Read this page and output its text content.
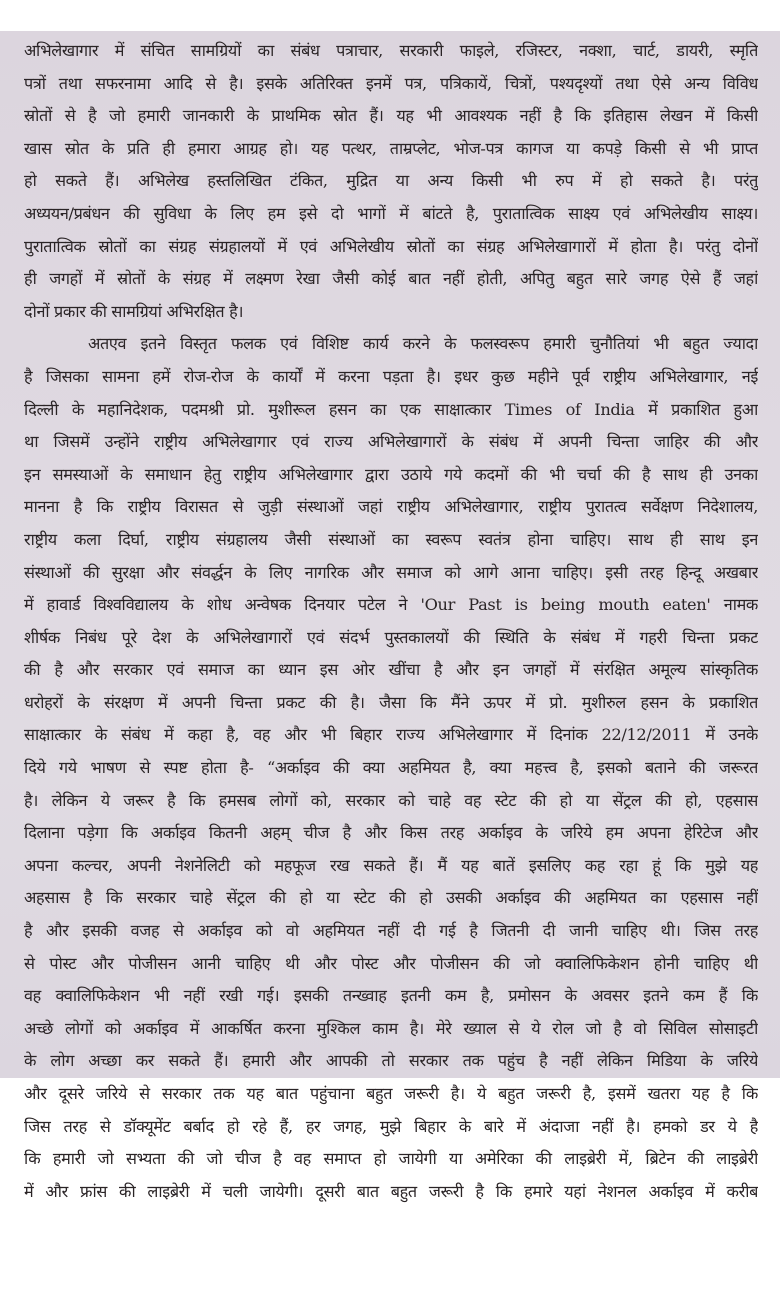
अभिलेखागार में संचित सामग्रियों का संबंध पत्राचार, सरकारी फाइले, रजिस्टर, नक्शा, चार्ट, डायरी, स्मृति
पत्रों तथा सफरनामा आदि से है। इसके अतिरिक्त इनमें पत्र, पत्रिकायें, चित्रों, पश्यदृश्यों तथा ऐसे अन्य विविध
स्रोतों से है जो हमारी जानकारी के प्राथमिक स्रोत हैं। यह भी आवश्यक नहीं है कि इतिहास लेखन में किसी
खास स्रोत के प्रति ही हमारा आग्रह हो। यह पत्थर, ताम्रप्लेट, भोज-पत्र कागज या कपड़े किसी से भी प्राप्त
हो सकते हैं। अभिलेख हस्तलिखित टंकित, मुद्रित या अन्य किसी भी रुप में हो सकते है। परंतु
अध्ययन/प्रबंधन की सुविधा के लिए हम इसे दो भागों में बांटते है, पुरातात्विक साक्ष्य एवं अभिलेखीय साक्ष्य।
पुरातात्विक स्रोतों का संग्रह संग्रहालयों में एवं अभिलेखीय स्रोतों का संग्रह अभिलेखागारों में होता है। परंतु दोनों
ही जगहों में स्रोतों के संग्रह में लक्ष्मण रेखा जैसी कोई बात नहीं होती, अपितु बहुत सारे जगह ऐसे हैं जहां
दोनों प्रकार की सामग्रियां अभिरक्षित है।
अतएव इतने विस्तृत फलक एवं विशिष्ट कार्य करने के फलस्वरूप हमारी चुनौतियां भी बहुत ज्यादा
है जिसका सामना हमें रोज-रोज के कार्यों में करना पड़ता है। इधर कुछ महीने पूर्व राष्ट्रीय अभिलेखागार, नई
दिल्ली के महानिदेशक, पदमश्री प्रो. मुशीरूल हसन का एक साक्षात्कार Times of India में प्रकाशित हुआ
था जिसमें उन्होंने राष्ट्रीय अभिलेखागार एवं राज्य अभिलेखागारों के संबंध में अपनी चिन्ता जाहिर की और
इन समस्याओं के समाधान हेतु राष्ट्रीय अभिलेखागार द्वारा उठाये गये कदमों की भी चर्चा की है साथ ही उनका
मानना है कि राष्ट्रीय विरासत से जुड़ी संस्थाओं जहां राष्ट्रीय अभिलेखागार, राष्ट्रीय पुरातत्व सर्वेक्षण निदेशालय,
राष्ट्रीय कला दिर्घा, राष्ट्रीय संग्रहालय जैसी संस्थाओं का स्वरूप स्वतंत्र होना चाहिए। साथ ही साथ इन
संस्थाओं की सुरक्षा और संवर्द्धन के लिए नागरिक और समाज को आगे आना चाहिए। इसी तरह हिन्दू अखबार
में हावार्ड विश्वविद्यालय के शोध अन्वेषक दिनयार पटेल ने 'Our Past is being mouth eaten' नामक
शीर्षक निबंध पूरे देश के अभिलेखागारों एवं संदर्भ पुस्तकालयों की स्थिति के संबंध में गहरी चिन्ता प्रकट
की है और सरकार एवं समाज का ध्यान इस ओर खींचा है और इन जगहों में संरक्षित अमूल्य सांस्कृतिक
धरोहरों के संरक्षण में अपनी चिन्ता प्रकट की है। जैसा कि मैंने ऊपर में प्रो. मुशीरुल हसन के प्रकाशित
साक्षात्कार के संबंध में कहा है, वह और भी बिहार राज्य अभिलेखागार में दिनांक 22/12/2011 में उनके
दिये गये भाषण से स्पष्ट होता है- “अर्काइव की क्या अहमियत है, क्या महत्त्व है, इसको बताने की जरूरत
है। लेकिन ये जरूर है कि हमसब लोगों को, सरकार को चाहे वह स्टेट की हो या सेंट्रल की हो, एहसास
दिलाना पड़ेगा कि अर्काइव कितनी अहम् चीज है और किस तरह अर्काइव के जरिये हम अपना हेरिटेज और
अपना कल्चर, अपनी नेशनेलिटी को महफूज रख सकते हैं। मैं यह बातें इसलिए कह रहा हूं कि मुझे यह
अहसास है कि सरकार चाहे सेंट्रल की हो या स्टेट की हो उसकी अर्काइव की अहमियत का एहसास नहीं
है और इसकी वजह से अर्काइव को वो अहमियत नहीं दी गई है जितनी दी जानी चाहिए थी। जिस तरह
से पोस्ट और पोजीसन आनी चाहिए थी और पोस्ट और पोजीसन की जो क्वालिफिकेशन होनी चाहिए थी
वह क्वालिफिकेशन भी नहीं रखी गई। इसकी तन्ख्वाह इतनी कम है, प्रमोसन के अवसर इतने कम हैं कि
अच्छे लोगों को अर्काइव में आकर्षित करना मुश्किल काम है। मेरे ख्याल से ये रोल जो है वो सिविल सोसाइटी
के लोग अच्छा कर सकते हैं। हमारी और आपकी तो सरकार तक पहुंच है नहीं लेकिन मिडिया के जरिये
और दूसरे जरिये से सरकार तक यह बात पहुंचाना बहुत जरूरी है। ये बहुत जरूरी है, इसमें खतरा यह है कि
जिस तरह से डॉक्यूमेंट बर्बाद हो रहे हैं, हर जगह, मुझे बिहार के बारे में अंदाजा नहीं है। हमको डर ये है
कि हमारी जो सभ्यता की जो चीज है वह समाप्त हो जायेगी या अमेरिका की लाइब्रेरी में, ब्रिटेन की लाइब्रेरी
में और फ्रांस की लाइब्रेरी में चली जायेगी। दूसरी बात बहुत जरूरी है कि हमारे यहां नेशनल अर्काइव में करीब
